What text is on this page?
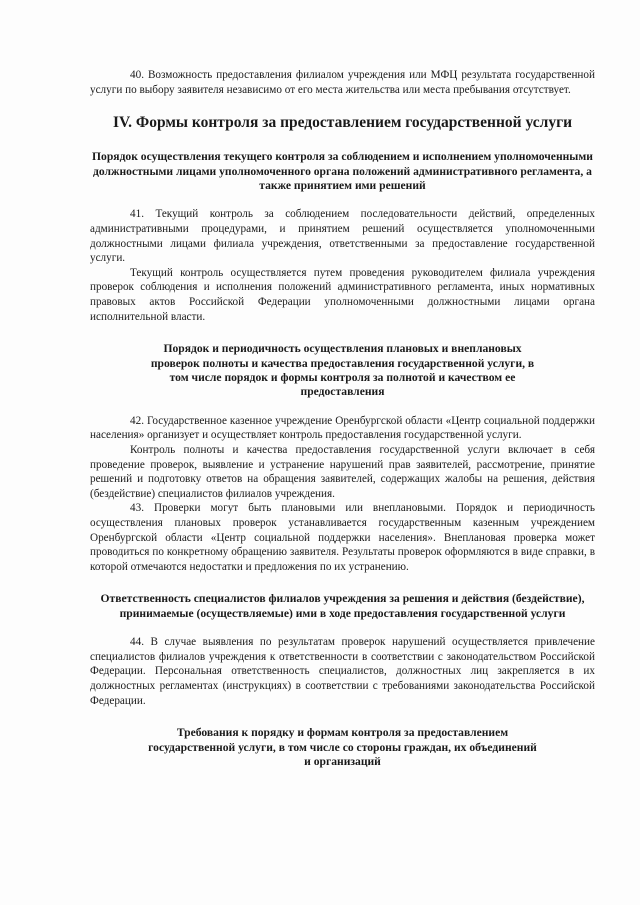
40. Возможность предоставления филиалом учреждения или МФЦ результата государственной услуги по выбору заявителя независимо от его места жительства или места пребывания отсутствует.

IV. Формы контроля за предоставлением государственной услуги
Порядок осуществления текущего контроля за соблюдением и исполнением уполномоченными должностными лицами уполномоченного органа положений административного регламента, а также принятием ими решений

41. Текущий контроль за соблюдением последовательности действий, определенных административными процедурами, и принятием решений осуществляется уполномоченными должностными лицами филиала учреждения, ответственными за предоставление государственной услуги.

Текущий контроль осуществляется путем проведения руководителем филиала учреждения проверок соблюдения и исполнения положений административного регламента, иных нормативных правовых актов Российской Федерации уполномоченными должностными лицами органа исполнительной власти.

Порядок и периодичность осуществления плановых и внеплановых проверок полноты и качества предоставления государственной услуги, в том числе порядок и формы контроля за полнотой и качеством ее предоставления

42. Государственное казенное учреждение Оренбургской области «Центр социальной поддержки населения» организует и осуществляет контроль предоставления государственной услуги.

Контроль полноты и качества предоставления государственной услуги включает в себя проведение проверок, выявление и устранение нарушений прав заявителей, рассмотрение, принятие решений и подготовку ответов на обращения заявителей, содержащих жалобы на решения, действия (бездействие) специалистов филиалов учреждения.

43. Проверки могут быть плановыми или внеплановыми. Порядок и периодичность осуществления плановых проверок устанавливается государственным казенным учреждением Оренбургской области «Центр социальной поддержки населения». Внеплановая проверка может проводиться по конкретному обращению заявителя. Результаты проверок оформляются в виде справки, в которой отмечаются недостатки и предложения по их устранению.

Ответственность специалистов филиалов учреждения за решения и действия (бездействие), принимаемые (осуществляемые) ими в ходе предоставления государственной услуги

44. В случае выявления по результатам проверок нарушений осуществляется привлечение специалистов филиалов учреждения к ответственности в соответствии с законодательством Российской Федерации. Персональная ответственность специалистов, должностных лиц закрепляется в их должностных регламентах (инструкциях) в соответствии с требованиями законодательства Российской Федерации.

Требования к порядку и формам контроля за предоставлением государственной услуги, в том числе со стороны граждан, их объединений и организаций
